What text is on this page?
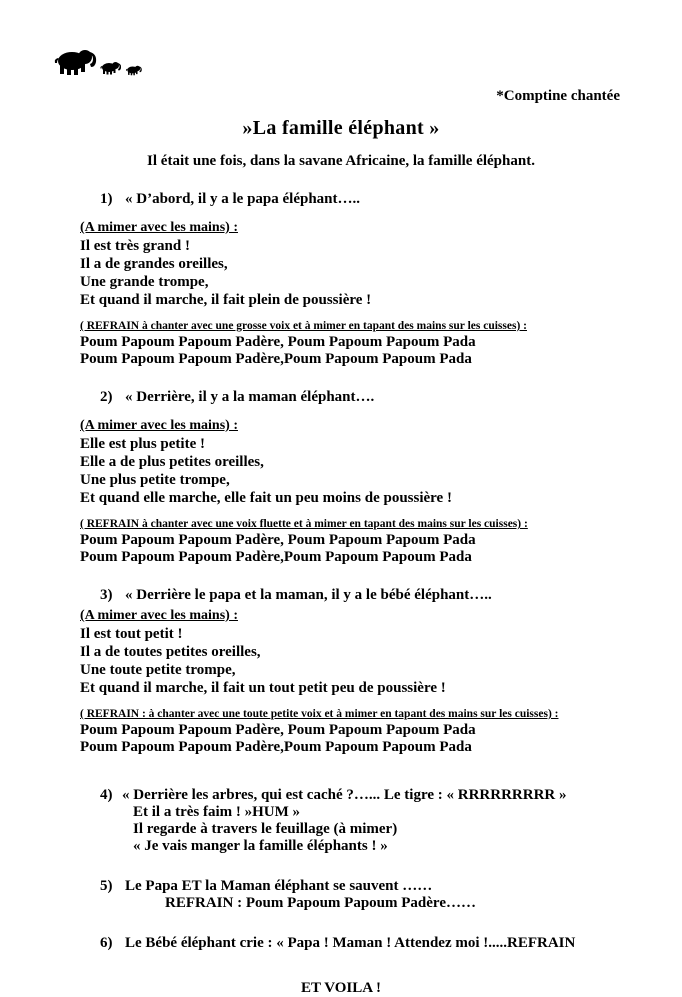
*Comptine chantée
»La famille éléphant »
Il était une fois, dans la savane Africaine, la famille éléphant.
1) « D’abord, il y a le papa éléphant…..
(A mimer avec les mains) :
Il est très grand !
Il a de grandes oreilles,
Une grande trompe,
Et quand il marche, il fait plein de poussière !
( REFRAIN à chanter avec une grosse voix et à mimer en tapant des mains sur les cuisses) :
Poum Papoum Papoum Padère, Poum Papoum Papoum Pada
Poum Papoum Papoum Padère,Poum Papoum Papoum Pada
2) « Derrière, il y a la maman éléphant….
(A mimer avec les mains) :
Elle est plus petite !
Elle a de plus petites oreilles,
Une plus petite trompe,
Et quand elle marche, elle fait un peu moins de poussière !
( REFRAIN à chanter avec une voix fluette et à mimer en tapant des mains sur les cuisses) :
Poum Papoum Papoum Padère, Poum Papoum Papoum Pada
Poum Papoum Papoum Padère,Poum Papoum Papoum Pada
3) « Derrière le papa et la maman, il y a le bébé éléphant…..
(A mimer avec les mains) :
Il est tout petit !
Il a de toutes petites oreilles,
Une toute petite trompe,
Et quand il marche, il fait un tout petit peu de poussière !
( REFRAIN : à chanter avec une toute petite voix et à mimer en tapant des mains sur les cuisses) :
Poum Papoum Papoum Padère, Poum Papoum Papoum Pada
Poum Papoum Papoum Padère,Poum Papoum Papoum Pada
4) « Derrière les arbres, qui est caché ?…... Le tigre : « RRRRRRRRR »
Et il a très faim ! »HUM »
Il regarde à travers le feuillage (à mimer)
« Je vais manger la famille éléphants ! »
5) Le Papa ET la Maman éléphant se sauvent ……
REFRAIN : Poum Papoum Papoum Padère……
6) Le Bébé éléphant crie : « Papa ! Maman ! Attendez moi !.....REFRAIN
ET VOILA !
